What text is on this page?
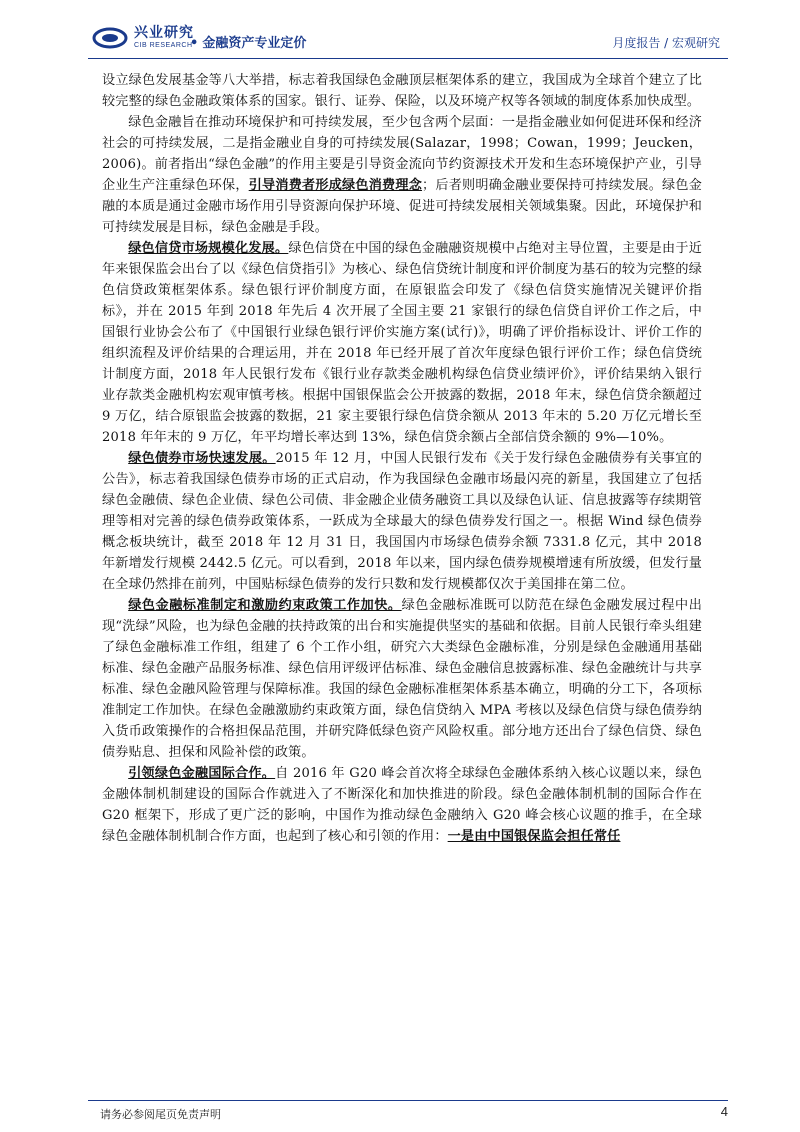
兴业研究
CIB RESEARCH
• 金融资产专业定价	月度报告 / 宏观研究

设立绿色发展基金等八大举措，标志着我国绿色金融顶层框架体系的建立，我国成为全球首个建立了比较完整的绿色金融政策体系的国家。银行、证券、保险，以及环境产权等各领域的制度体系加快成型。

绿色金融旨在推动环境保护和可持续发展，至少包含两个层面：一是指金融业如何促进环保和经济社会的可持续发展，二是指金融业自身的可持续发展(Salazar，1998；Cowan，1999；Jeucken，2006)。前者指出“绿色金融”的作用主要是引导资金流向节约资源技术开发和生态环境保护产业，引导企业生产注重绿色环保，引导消费者形成绿色消费理念；后者则明确金融业要保持可持续发展。绿色金融的本质是通过金融市场作用引导资源向保护环境、促进可持续发展相关领域集聚。因此，环境保护和可持续发展是目标，绿色金融是手段。

绿色信贷市场规模化发展。绿色信贷在中国的绿色金融融资规模中占绝对主导位置，主要是由于近年来银保监会出台了以《绿色信贷指引》为核心、绿色信贷统计制度和评价制度为基石的较为完整的绿色信贷政策框架体系。绿色银行评价制度方面，在原银监会印发了《绿色信贷实施情况关键评价指标》，并在 2015 年到 2018 年先后 4 次开展了全国主要 21 家银行的绿色信贷自评价工作之后，中国银行业协会公布了《中国银行业绿色银行评价实施方案(试行)》，明确了评价指标设计、评价工作的组织流程及评价结果的合理运用，并在 2018 年已经开展了首次年度绿色银行评价工作；绿色信贷统计制度方面，2018 年人民银行发布《银行业存款类金融机构绿色信贷业绩评价》，评价结果纳入银行业存款类金融机构宏观审慎考核。根据中国银保监会公开披露的数据，2018 年末，绿色信贷余额超过 9 万亿，结合原银监会披露的数据，21 家主要银行绿色信贷余额从 2013 年末的 5.20 万亿元增长至 2018 年年末的 9 万亿，年平均增长率达到 13%，绿色信贷余额占全部信贷余额的 9%—10%。

绿色债券市场快速发展。2015 年 12 月，中国人民银行发布《关于发行绿色金融债券有关事宜的公告》，标志着我国绿色债券市场的正式启动，作为我国绿色金融市场最闪亮的新星，我国建立了包括绿色金融债、绿色企业债、绿色公司债、非金融企业债务融资工具以及绿色认证、信息披露等存续期管理等相对完善的绿色债券政策体系，一跃成为全球最大的绿色债券发行国之一。根据 Wind 绿色债券概念板块统计，截至 2018 年 12 月 31 日，我国国内市场绿色债券余额 7331.8 亿元，其中 2018 年新增发行规模 2442.5 亿元。可以看到，2018 年以来，国内绿色债券规模增速有所放缓，但发行量在全球仍然排在前列，中国贴标绿色债券的发行只数和发行规模都仅次于美国排在第二位。

绿色金融标准制定和激励约束政策工作加快。绿色金融标准既可以防范在绿色金融发展过程中出现“洗绿”风险，也为绿色金融的扶持政策的出台和实施提供坚实的基础和依据。目前人民银行牵头组建了绿色金融标准工作组，组建了 6 个工作小组，研究六大类绿色金融标准，分别是绿色金融通用基础标准、绿色金融产品服务标准、绿色信用评级评估标准、绿色金融信息披露标准、绿色金融统计与共享标准、绿色金融风险管理与保障标准。我国的绿色金融标准框架体系基本确立，明确的分工下，各项标准制定工作加快。在绿色金融激励约束政策方面，绿色信贷纳入 MPA 考核以及绿色信贷与绿色债券纳入货币政策操作的合格担保品范围，并研究降低绿色资产风险权重。部分地方还出台了绿色信贷、绿色债券贴息、担保和风险补偿的政策。

引领绿色金融国际合作。自 2016 年 G20 峰会首次将全球绿色金融体系纳入核心议题以来，绿色金融体制机制建设的国际合作就进入了不断深化和加快推进的阶段。绿色金融体制机制的国际合作在 G20 框架下，形成了更广泛的影响，中国作为推动绿色金融纳入 G20 峰会核心议题的推手，在全球绿色金融体制机制合作方面，也起到了核心和引领的作用：一是由中国银保监会担任常任

请务必参阅尾页免责声明	4
